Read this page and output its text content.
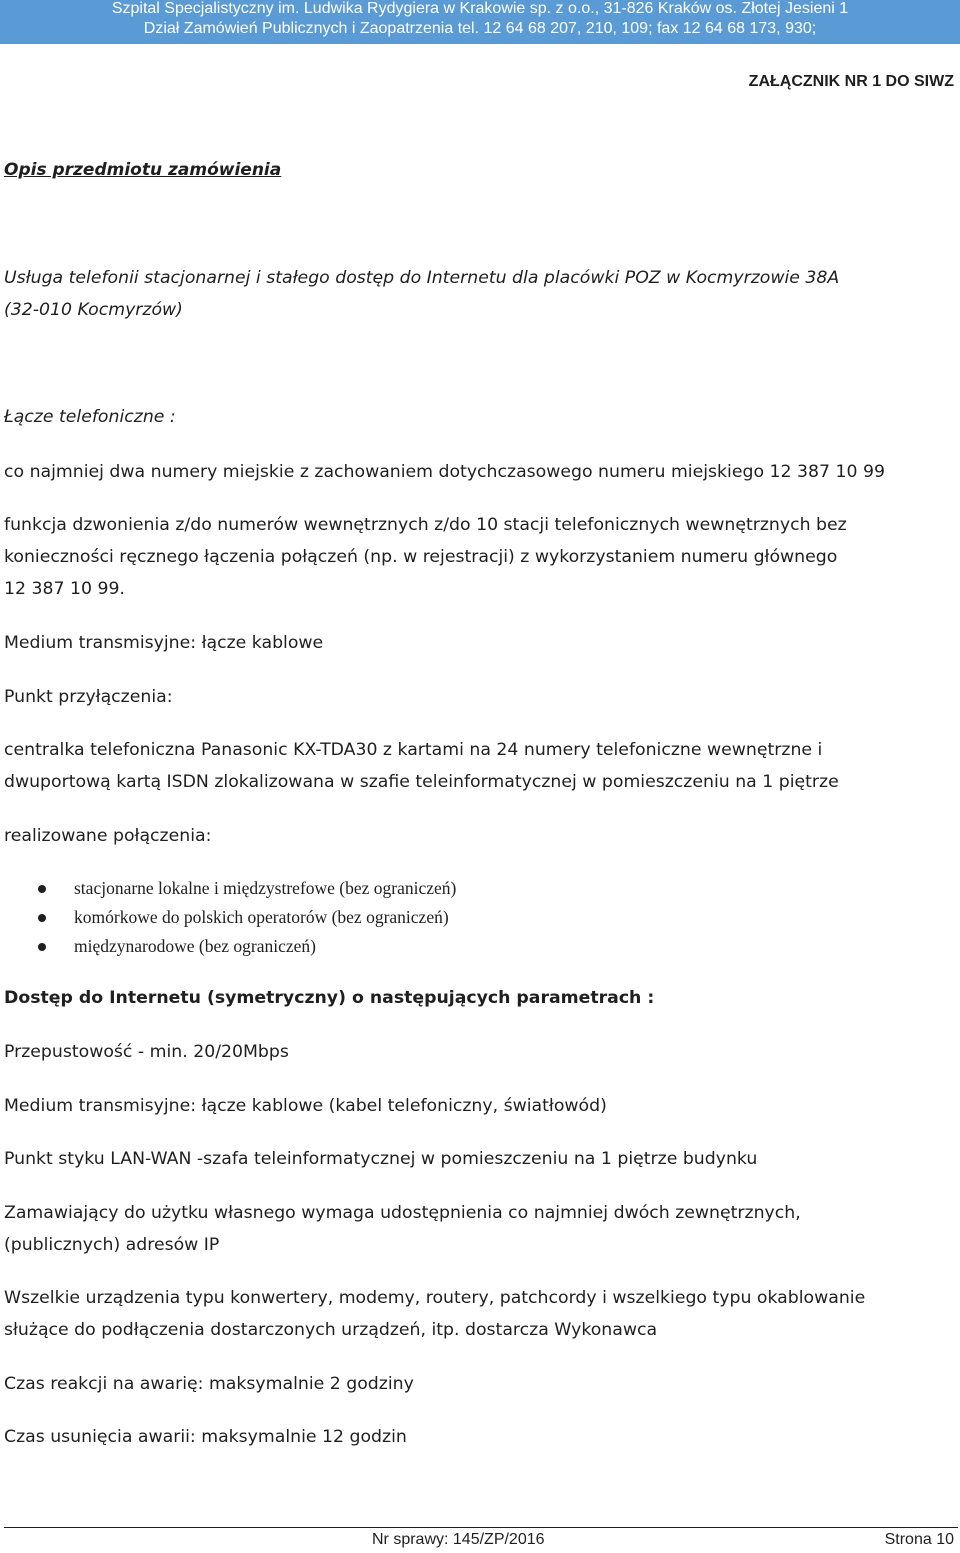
Szpital Specjalistyczny im. Ludwika Rydygiera w Krakowie sp. z o.o., 31-826 Kraków os. Złotej Jesieni 1
Dział Zamówień Publicznych i Zaopatrzenia tel. 12 64 68 207, 210, 109; fax 12 64 68 173, 930;
ZAŁĄCZNIK NR 1 DO SIWZ
Opis przedmiotu zamówienia
Usługa telefonii stacjonarnej i stałego dostęp do Internetu dla placówki POZ w Kocmyrzowie 38A
(32-010 Kocmyrzów)
Łącze telefoniczne :
co najmniej dwa numery miejskie z zachowaniem dotychczasowego numeru miejskiego 12 387 10 99
funkcja dzwonienia z/do numerów wewnętrznych z/do 10 stacji telefonicznych wewnętrznych bez
konieczności ręcznego łączenia połączeń (np. w rejestracji) z wykorzystaniem numeru głównego
12 387 10 99.
Medium transmisyjne: łącze kablowe
Punkt przyłączenia:
centralka telefoniczna Panasonic KX-TDA30 z kartami na 24 numery telefoniczne wewnętrzne i
dwuportową kartą ISDN zlokalizowana w szafie teleinformatycznej w pomieszczeniu na 1 piętrze
realizowane połączenia:
stacjonarne lokalne i międzystrefowe (bez ograniczeń)
komórkowe do polskich operatorów (bez ograniczeń)
międzynarodowe (bez ograniczeń)
Dostęp do Internetu (symetryczny) o następujących parametrach :
Przepustowość - min. 20/20Mbps
Medium transmisyjne: łącze kablowe (kabel telefoniczny, światłowód)
Punkt styku LAN-WAN -szafa teleinformatycznej w pomieszczeniu na 1 piętrze budynku
Zamawiający do użytku własnego wymaga udostępnienia co najmniej dwóch zewnętrznych,
(publicznych) adresów IP
Wszelkie urządzenia typu konwertery, modemy, routery, patchcordy i wszelkiego typu okablowanie
służące do podłączenia dostarczonych urządzeń, itp. dostarcza Wykonawca
Czas reakcji na awarię: maksymalnie 2 godziny
Czas usunięcia awarii: maksymalnie 12 godzin
Nr sprawy: 145/ZP/2016	Strona 10
